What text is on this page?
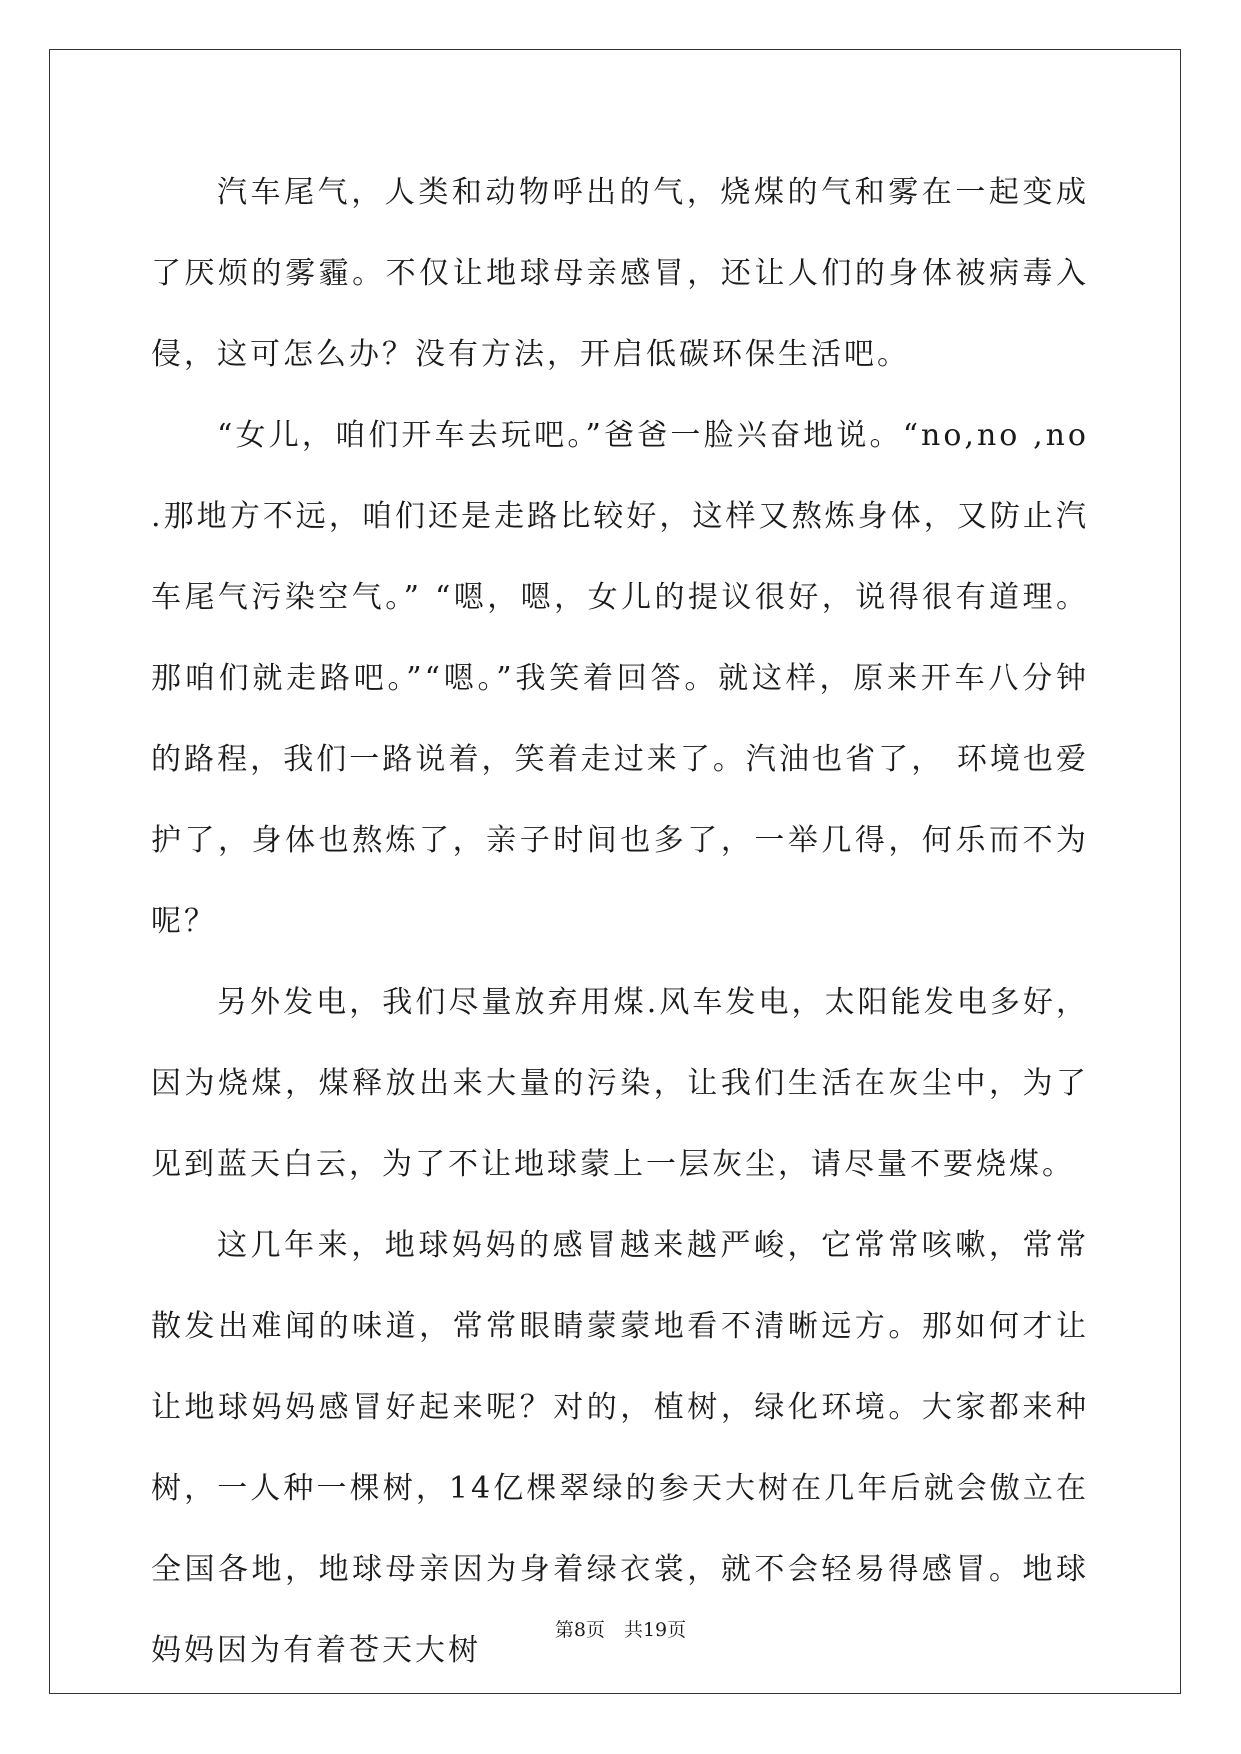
汽车尾气，人类和动物呼出的气，烧煤的气和雾在一起变成了厌烦的雾霾。不仅让地球母亲感冒，还让人们的身体被病毒入侵，这可怎么办？没有方法，开启低碳环保生活吧。

“女儿，咱们开车去玩吧。”爸爸一脸兴奋地说。“no,no ,no .那地方不远，咱们还是走路比较好，这样又熬炼身体，又防止汽车尾气污染空气。” “嗯，嗯，女儿的提议很好，说得很有道理。那咱们就走路吧。”“嗯。”我笑着回答。就这样，原来开车八分钟的路程，我们一路说着，笑着走过来了。汽油也省了， 环境也爱护了，身体也熬炼了，亲子时间也多了，一举几得，何乐而不为呢？

另外发电，我们尽量放弃用煤.风车发电，太阳能发电多好，因为烧煤，煤释放出来大量的污染，让我们生活在灰尘中，为了见到蓝天白云，为了不让地球蒙上一层灰尘，请尽量不要烧煤。

这几年来，地球妈妈的感冒越来越严峻，它常常咳嗽，常常散发出难闻的味道，常常眼睛蒙蒙地看不清晰远方。那如何才让让地球妈妈感冒好起来呢？对的，植树，绿化环境。大家都来种树，一人种一棵树，14亿棵翠绿的参天大树在几年后就会傲立在全国各地，地球母亲因为身着绿衣裳，就不会轻易得感冒。地球妈妈因为有着苍天大树

第8页　共19页
